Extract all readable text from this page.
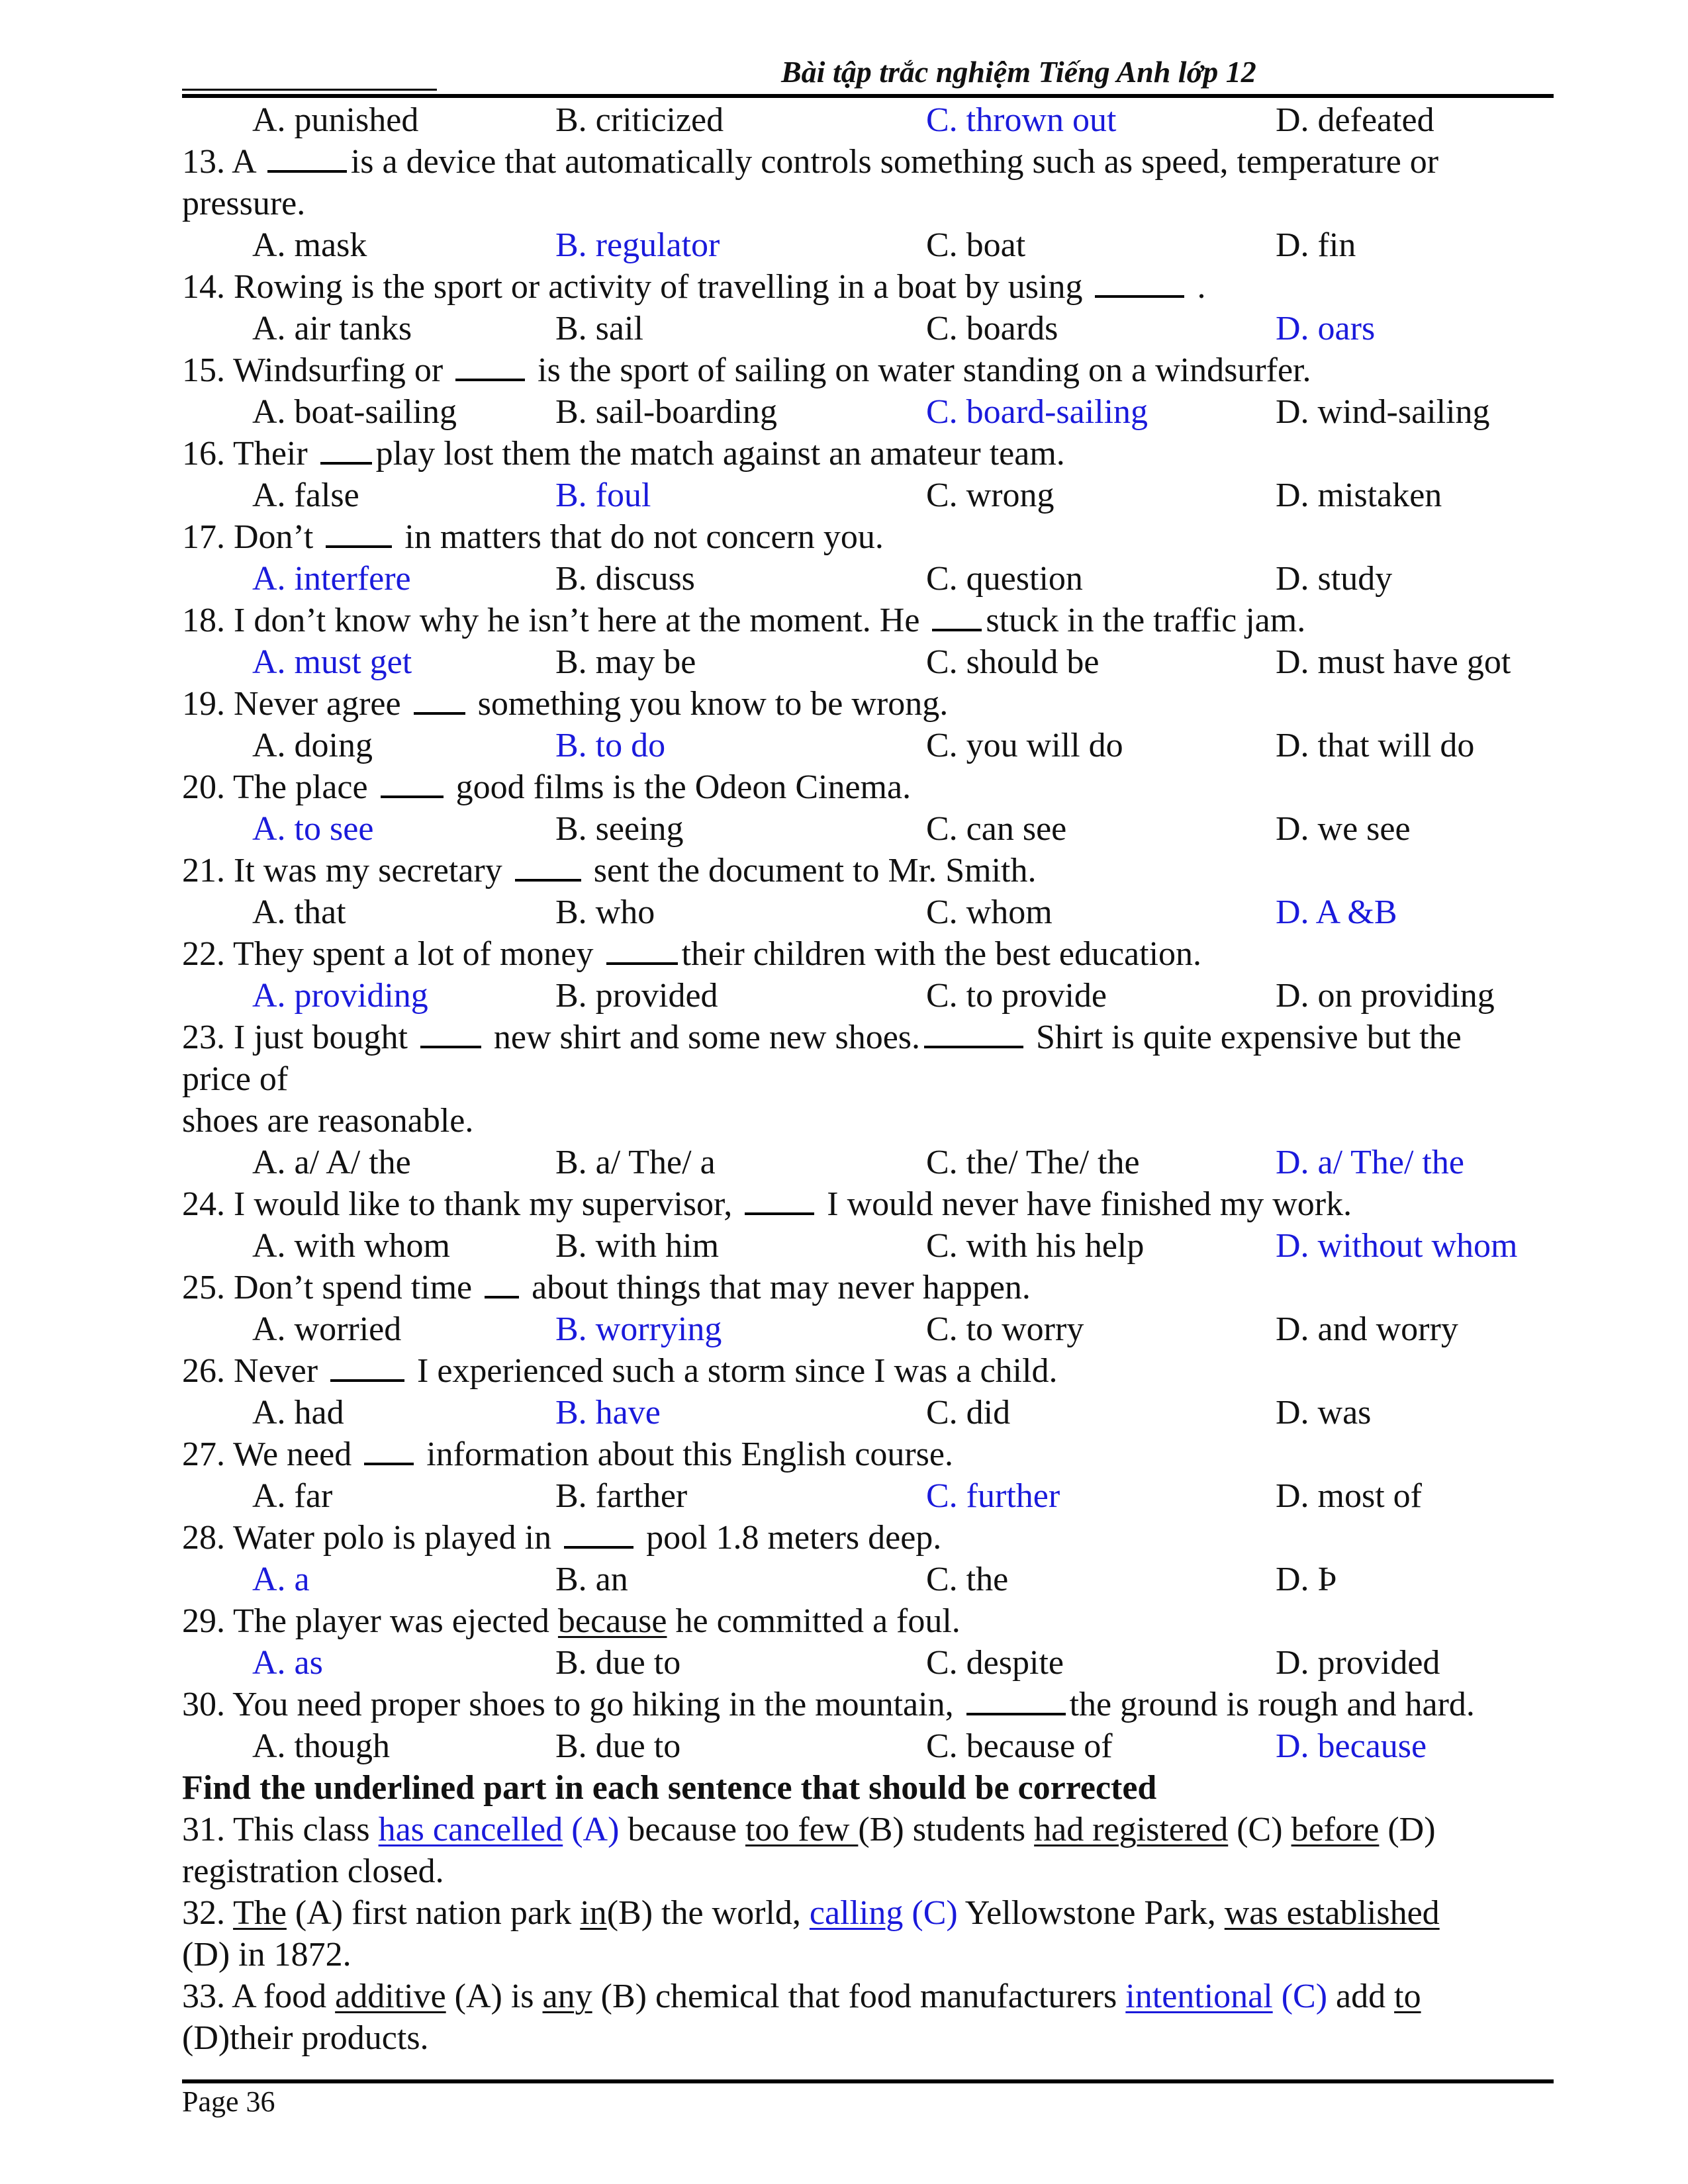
Bài tập trắc nghiệm Tiếng Anh lớp 12
A. punished	B. criticized	C. thrown out	D. defeated
13. A	is a device that automatically controls something such as speed, temperature or
pressure.
A. mask	B. regulator	C. boat	D. fin
14. Rowing is the sport or activity of travelling in a boat by using	.
A. air tanks	B. sail	C. boards	D. oars
15. Windsurfing or  is the sport of sailing on water standing on a windsurfer.
A. boat-sailing	B. sail-boarding	C. board-sailing	D. wind-sailing
16. Their play lost them the match against an amateur team.
A. false	B. foul	C. wrong	D. mistaken
17. Don’t  in matters that do not concern you.
A. interfere	B. discuss	C. question	D. study
18. I don’t know why he isn’t here at the moment. He stuck in the traffic jam.
A. must get	B. may be	C. should be	D. must have got
19. Never agree  something you know to be wrong.
A. doing	B. to do	C. you will do	D. that will do
20. The place  good films is the Odeon Cinema.
A. to see	B. seeing	C. can see	D. we see
21. It was my secretary  sent the document to Mr. Smith.
A. that	B. who	C. whom	D. A &B
22. They spent a lot of money their children with the best education.
A. providing	B. provided	C. to provide	D. on providing
23. I just bought  new shirt and some new shoes.	Shirt is quite expensive but the
price of
shoes are reasonable.
A. a/ A/ the	B. a/ The/ a	C. the/ The/ the	D. a/ The/ the
24. I would like to thank my supervisor,  I would never have finished my work.
A. with whom	B. with him	C. with his help	D. without whom
25. Don’t spend time  about things that may never happen.
A. worried	B. worrying	C. to worry	D. and worry
26. Never  I experienced such a storm since I was a child.
A. had	B. have	C. did	D. was
27. We need  information about this English course.
A. far	B. farther	C. further	D. most of
28. Water polo is played in  pool 1.8 meters deep.
A. a	B. an	C. the	D. Þ
29. The player was ejected because he committed a foul.
A. as	B. due to	C. despite	D. provided
30. You need proper shoes to go hiking in the mountain,	the ground is rough and hard.
A. though	B. due to	C. because of	D. because
Find the underlined part in each sentence that should be corrected
31. This class has cancelled (A) because too few (B) students had registered (C) before (D)
registration closed.
32. The (A) first nation park in(B) the world, calling (C) Yellowstone Park, was established
(D) in 1872.
33. A food additive (A) is any (B) chemical that food manufacturers intentional (C) add to
(D)their products.
Page 36
